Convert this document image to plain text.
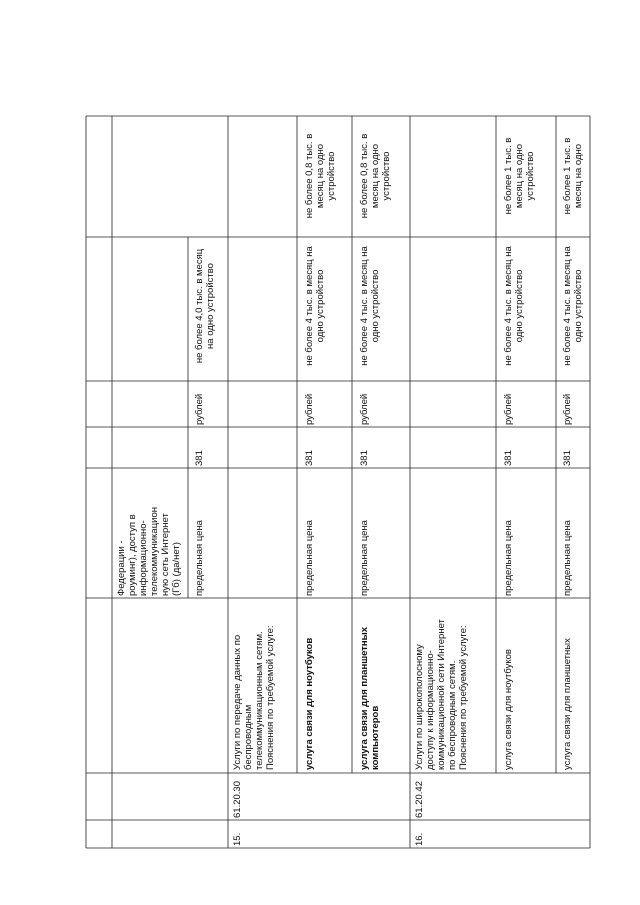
Федерации - роуминг), доступ в информационно- телекоммуникацион ную сеть Интернет (Гб) (да/нет) предельная цена
381
рублей
не более 4,0 тыс. в месяц на одно устройство
15.
61.20.30
Услуги по передаче данных по беспроводным телекоммуникационным сетям. Пояснения по требуемой услуге:	услуга связи для ноутбуков
предельная цена
381
рублей
не более 4 тыс. в месяц на одно устройство
не более 0,8 тыс. в месяц на одно устройство
услуга связи для планшетных компьютеров
предельная цена
381
рублей
не более 4 тыс. в месяц на одно устройство
не более 0,8 тыс. в месяц на одно устройство
16.
61.20.42
Услуги по широкополосному доступу к информационно- коммуникационной сети Интернет по беспроводным сетям. Пояснения по требуемой услуге:	услуга связи для ноутбуков
предельная цена
381
рублей
не более 4 тыс. в месяц на одно устройство
не более 1 тыс. в месяц на одно устройство
услуга связи для планшетных
предельная цена
381
рублей
не более 4 тыс. в месяц на одно устройство
не более 1 тыс. в месяц на одно
